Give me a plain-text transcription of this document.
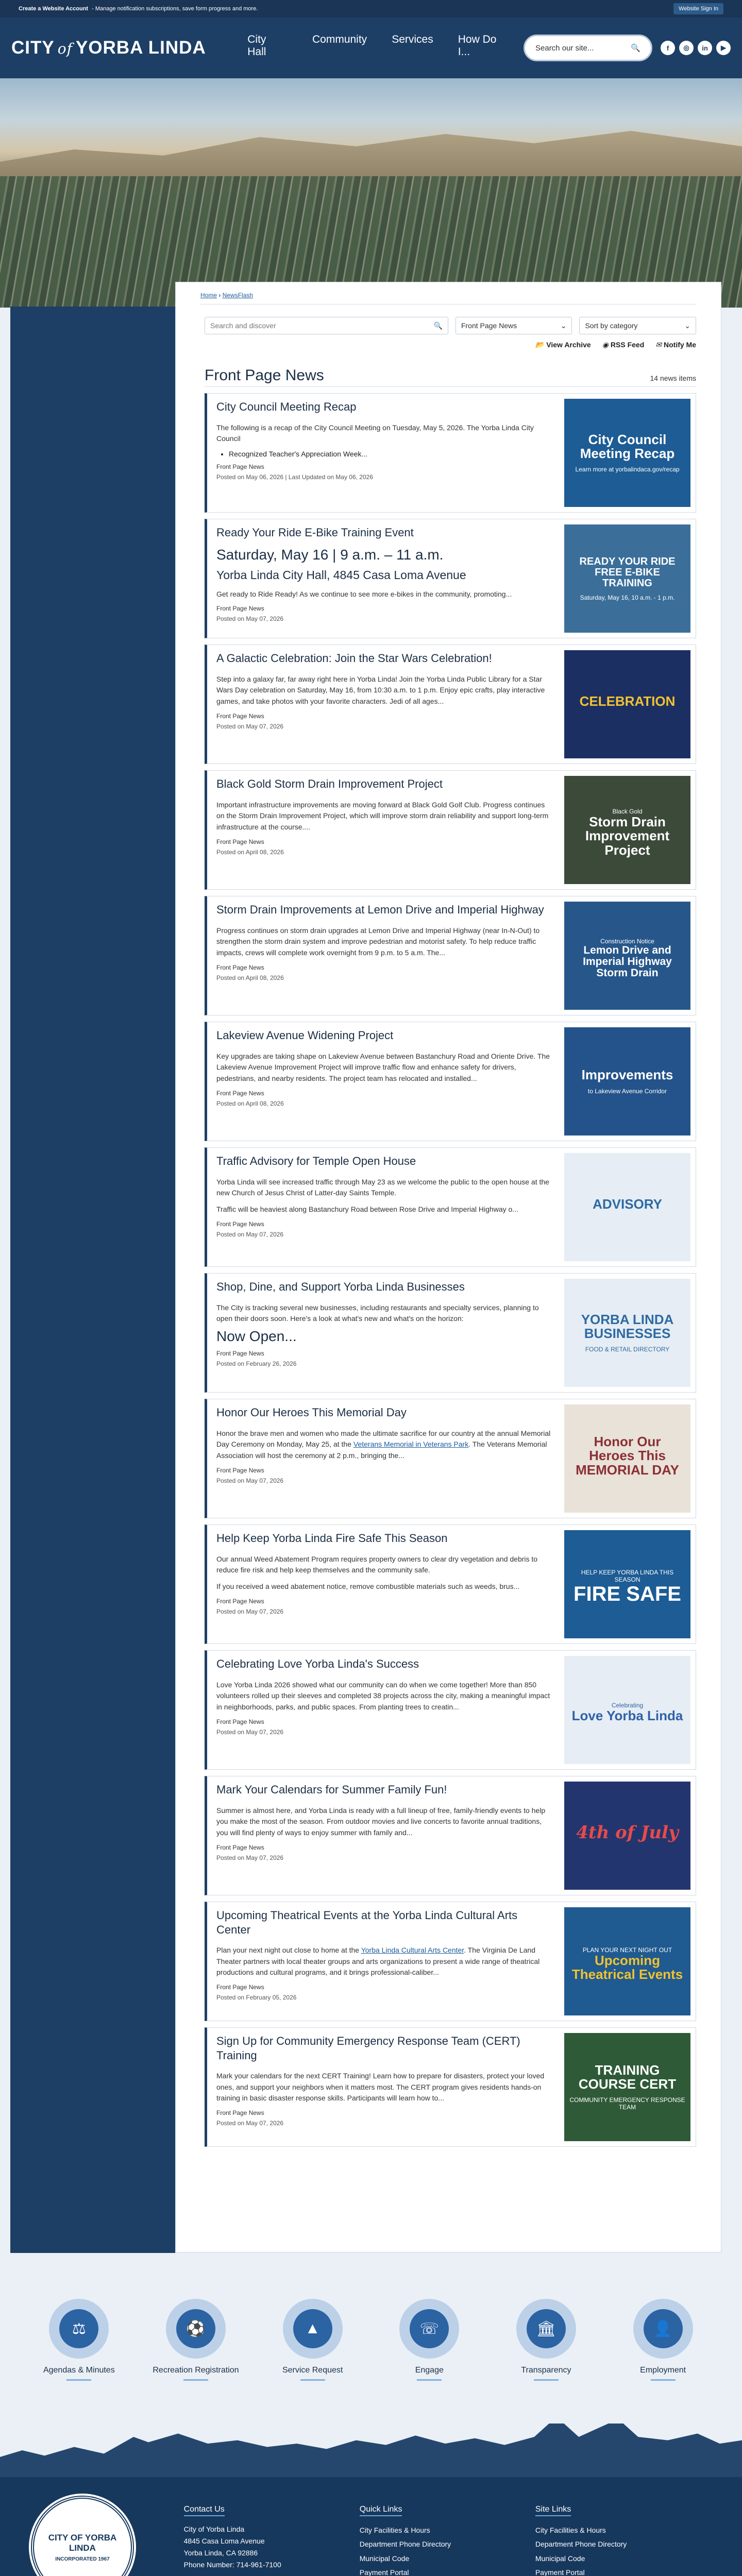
Create a Website Account - Manage notification subscriptions, save form progress and more.	Website Sign In
CITY of YORBA LINDA	City Hall
Community	Services	How Do I...	Search our site...	🔍	f	◎	in	▶
Home › NewsFlash
Search and discover	🔍	Front Page News	⌄	Sort by category	⌄
📂 View Archive ◉ RSS Feed ✉ Notify Me
Front Page News	14 news items
City Council Meeting Recap

The following is a recap of the City Council Meeting on Tuesday, May 5, 2026. The Yorba Linda City Council

• Recognized Teacher's Appreciation Week...
Front Page News
Posted on May 06, 2026 | Last Updated on May 06, 2026
City Council Meeting Recap
Learn more at yorbalindaca.gov/recap
Ready Your Ride E-Bike Training Event
Saturday, May 16 | 9 a.m. – 11 a.m.

Yorba Linda City Hall, 4845 Casa Loma Avenue

Get ready to Ride Ready! As we continue to see more e-bikes in the community, promoting...

Front Page News
Posted on May 07, 2026
READY YOUR RIDE FREE E-BIKE TRAINING
Saturday, May 16, 10 a.m. - 1 p.m.
A Galactic Celebration: Join the Star Wars Celebration!

Step into a galaxy far, far away right here in Yorba Linda! Join the Yorba Linda Public Library for a Star Wars Day celebration on Saturday, May 16, from 10:30 a.m. to 1 p.m. Enjoy epic crafts, play interactive games, and take photos with your favorite characters. Jedi of all ages...

Front Page News
Posted on May 07, 2026
CELEBRATION
Black Gold Storm Drain Improvement Project

Important infrastructure improvements are moving forward at Black Gold Golf Club. Progress continues on the Storm Drain Improvement Project, which will improve storm drain reliability and support long-term infrastructure at the course....

Front Page News
Posted on April 08, 2026
Black Gold
Storm Drain Improvement Project
Storm Drain Improvements at Lemon Drive and Imperial Highway

Progress continues on storm drain upgrades at Lemon Drive and Imperial Highway (near In-N-Out) to strengthen the storm drain system and improve pedestrian and motorist safety. To help reduce traffic impacts, crews will complete work overnight from 9 p.m. to 5 a.m. The...

Front Page News
Posted on April 08, 2026
Construction Notice
Lemon Drive and Imperial Highway Storm Drain
Lakeview Avenue Widening Project

Key upgrades are taking shape on Lakeview Avenue between Bastanchury Road and Oriente Drive. The Lakeview Avenue Improvement Project will improve traffic flow and enhance safety for drivers, pedestrians, and nearby residents. The project team has relocated and installed...

Front Page News
Posted on April 08, 2026
Improvements
to Lakeview Avenue Corridor
Traffic Advisory for Temple Open House

Yorba Linda will see increased traffic through May 23 as we welcome the public to the open house at the new Church of Jesus Christ of Latter-day Saints Temple.

Traffic will be heaviest along Bastanchury Road between Rose Drive and Imperial Highway o...

Front Page News
Posted on May 07, 2026
ADVISORY
Shop, Dine, and Support Yorba Linda Businesses

The City is tracking several new businesses, including restaurants and specialty services, planning to open their doors soon. Here's a look at what's new and what's on the horizon:

Now Open...
Front Page News
Posted on February 26, 2026
YORBA LINDA BUSINESSES
FOOD & RETAIL DIRECTORY
Honor Our Heroes This Memorial Day

Honor the brave men and women who made the ultimate sacrifice for our country at the annual Memorial Day Ceremony on Monday, May 25, at the Veterans Memorial in Veterans Park. The Veterans Memorial Association will host the ceremony at 2 p.m., bringing the...

Front Page News
Posted on May 07, 2026
Honor Our Heroes This MEMORIAL DAY
Help Keep Yorba Linda Fire Safe This Season

Our annual Weed Abatement Program requires property owners to clear dry vegetation and debris to reduce fire risk and help keep themselves and the community safe.

If you received a weed abatement notice, remove combustible materials such as weeds, brus...

Front Page News
Posted on May 07, 2026
HELP KEEP YORBA LINDA THIS SEASON
FIRE SAFE
Celebrating Love Yorba Linda's Success

Love Yorba Linda 2026 showed what our community can do when we come together! More than 850 volunteers rolled up their sleeves and completed 38 projects across the city, making a meaningful impact in neighborhoods, parks, and public spaces. From planting trees to creatin...

Front Page News
Posted on May 07, 2026
Celebrating
Love Yorba Linda
Mark Your Calendars for Summer Family Fun!

Summer is almost here, and Yorba Linda is ready with a full lineup of free, family-friendly events to help you make the most of the season. From outdoor movies and live concerts to favorite annual traditions, you will find plenty of ways to enjoy summer with family and...

Front Page News
Posted on May 07, 2026
4th of July
Upcoming Theatrical Events at the Yorba Linda Cultural Arts Center

Plan your next night out close to home at the Yorba Linda Cultural Arts Center. The Virginia De Land Theater partners with local theater groups and arts organizations to present a wide range of theatrical productions and cultural programs, and it brings professional-caliber...

Front Page News
Posted on February 05, 2026
PLAN YOUR NEXT NIGHT OUT
Upcoming Theatrical Events
Sign Up for Community Emergency Response Team (CERT) Training

Mark your calendars for the next CERT Training! Learn how to prepare for disasters, protect your loved ones, and support your neighbors when it matters most. The CERT program gives residents hands-on training in basic disaster response skills. Participants will learn how to...

Front Page News
Posted on May 07, 2026
TRAINING COURSE CERT
COMMUNITY EMERGENCY RESPONSE TEAM
⚖
Agendas & Minutes
⚽
Recreation Registration
▲
Service Request
☏
Engage
🏛
Transparency
👤
Employment
CITY OF YORBA LINDA
INCORPORATED 1967
Contact Us
City of Yorba Linda
4845 Casa Loma Avenue
Yorba Linda, CA 92886
Phone Number: 714-961-7100
Quick Links
City Facilities & Hours
Department Phone Directory
Municipal Code
Payment Portal
Site Links
City Facilities & Hours
Department Phone Directory
Municipal Code
Payment Portal
